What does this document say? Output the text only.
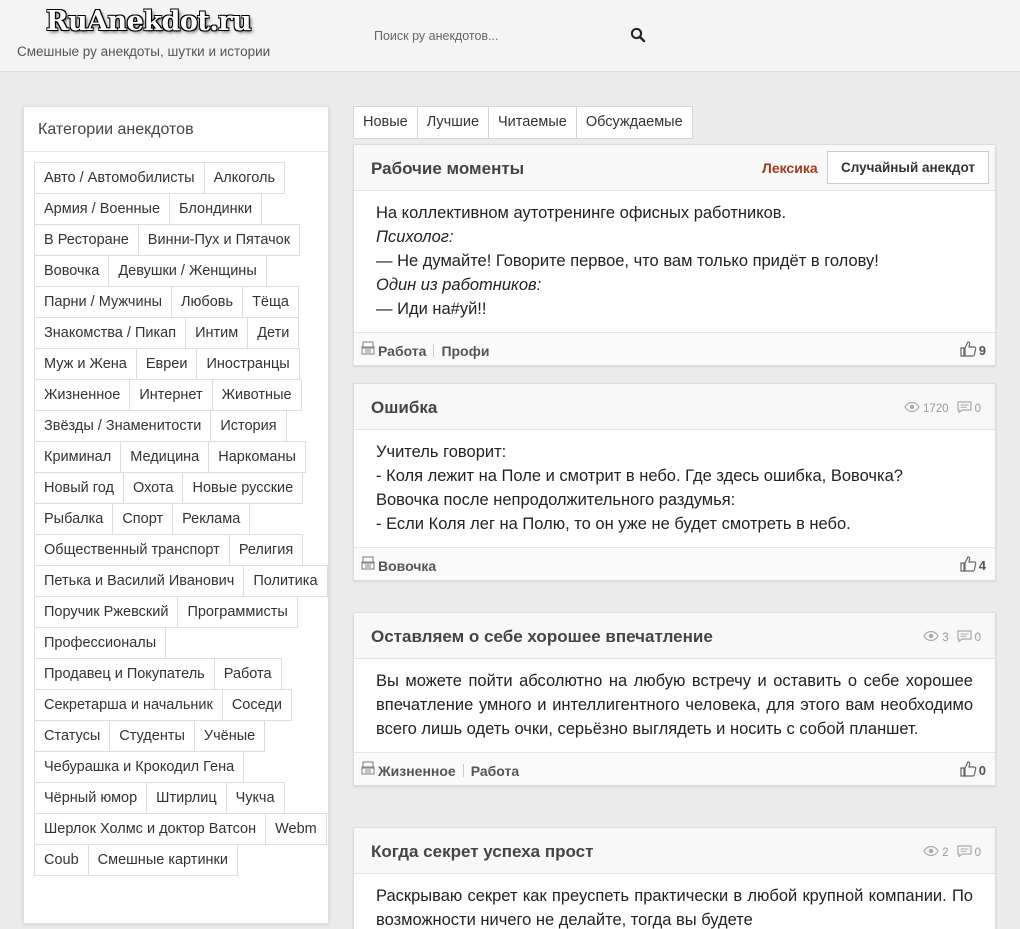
RuAnekdot.ru
Смешные ру анекдоты, шутки и истории
Поиск ру анекдотов...
Категории анекдотов
Авто / Автомобилисты	Алкоголь
Армия / Военные	Блондинки
В Ресторане	Винни-Пух и Пятачок
Вовочка	Девушки / Женщины
Парни / Мужчины	Любовь	Тёща
Знакомства / Пикап	Интим	Дети
Муж и Жена	Евреи	Иностранцы
Жизненное	Интернет	Животные
Звёзды / Знаменитости	История
Криминал	Медицина	Наркоманы
Новый год	Охота	Новые русские
Рыбалка	Спорт	Реклама
Общественный транспорт	Религия
Петька и Василий Иванович	Политика
Поручик Ржевский	Программисты
Профессионалы
Продавец и Покупатель	Работа
Секретарша и начальник	Соседи
Статусы	Студенты	Учёные
Чебурашка и Крокодил Гена
Чёрный юмор	Штирлиц	Чукча
Шерлок Холмс и доктор Ватсон	Webm
Coub	Смешные картинки
Новые	Лучшие	Читаемые	Обсуждаемые
Рабочие моменты
На коллективном аутотренинге офисных работников.
Психолог:
— Не думайте! Говорите первое, что вам только придёт в голову!
Один из работников:
— Иди на#уй!!
Работа Профи	9
Лексика	Случайный анекдот
Ошибка	1720 0
Учитель говорит:
- Коля лежит на Поле и смотрит в небо. Где здесь ошибка, Вовочка?
Вовочка после непродолжительного раздумья:
- Если Коля лег на Полю, то он уже не будет смотреть в небо.
Вовочка	4
Оставляем о себе хорошее впечатление	3 0
Вы можете пойти абсолютно на любую встречу и оставить о себе хорошее впечатление умного и интеллигентного человека, для этого вам необходимо всего лишь одеть очки, серьёзно выглядеть и носить с собой планшет.
Жизненное Работа	0
Когда секрет успеха прост	2 0
Раскрываю секрет как преуспеть практически в любой крупной компании. По возможности ничего не делайте, тогда вы будете
